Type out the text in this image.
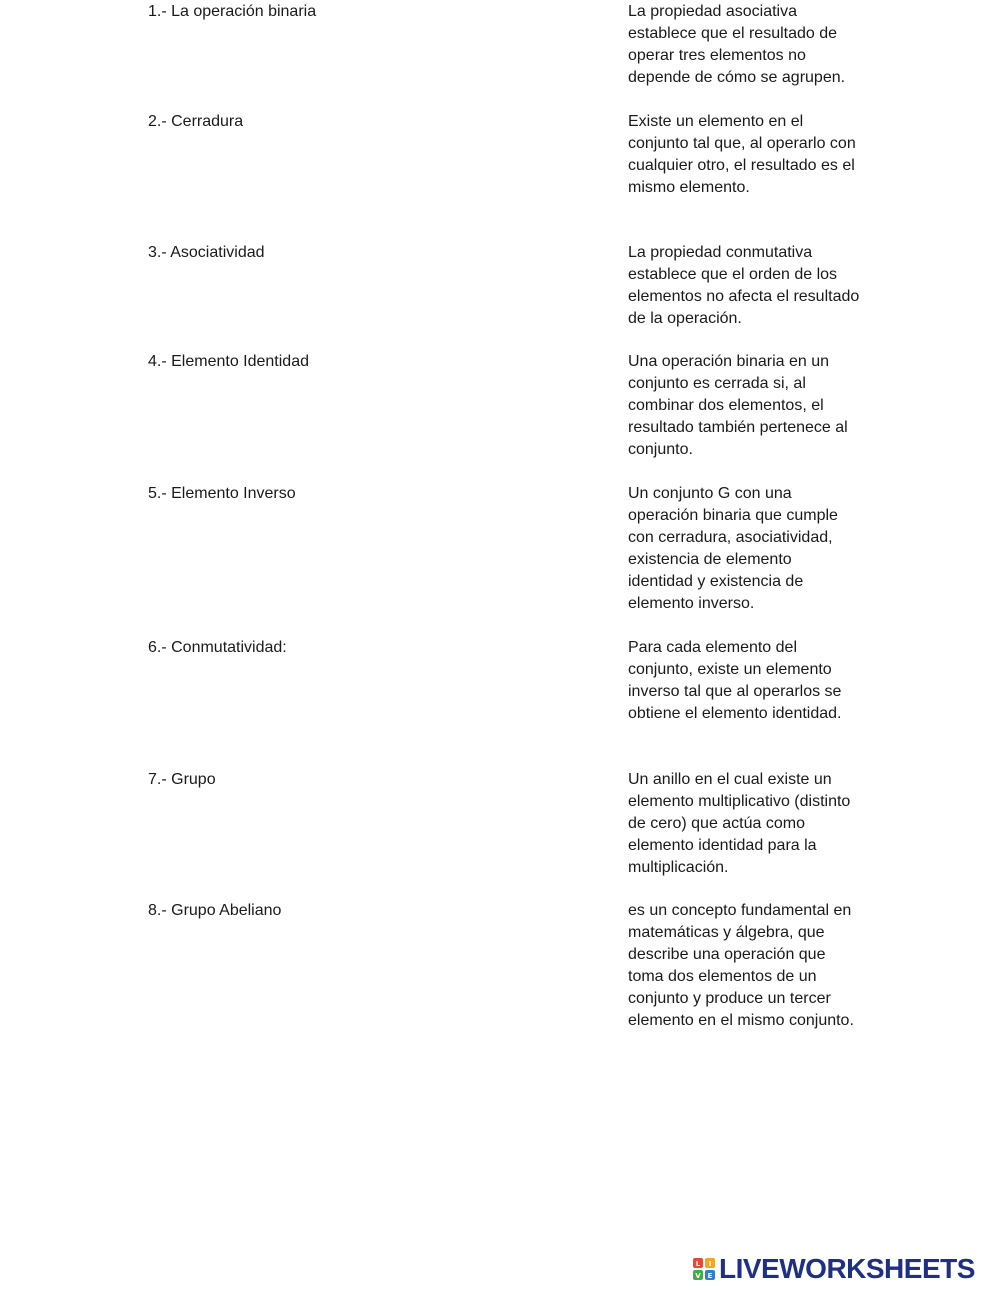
1.- La operación binaria	La propiedad asociativa establece que el resultado de operar tres elementos no depende de cómo se agrupen.
2.- Cerradura	Existe un elemento en el conjunto tal que, al operarlo con cualquier otro, el resultado es el mismo elemento.
3.- Asociatividad	La propiedad conmutativa establece que el orden de los elementos no afecta el resultado de la operación.
4.- Elemento Identidad	Una operación binaria en un conjunto es cerrada si, al combinar dos elementos, el resultado también pertenece al conjunto.
5.- Elemento Inverso	Un conjunto G con una operación binaria que cumple con cerradura, asociatividad, existencia de elemento identidad y existencia de elemento inverso.
6.- Conmutatividad:	Para cada elemento del conjunto, existe un elemento inverso tal que al operarlos se obtiene el elemento identidad.
7.- Grupo	Un anillo en el cual existe un elemento multiplicativo (distinto de cero) que actúa como elemento identidad para la multiplicación.
8.- Grupo Abeliano	es un concepto fundamental en matemáticas y álgebra, que describe una operación que toma dos elementos de un conjunto y produce un tercer elemento en el mismo conjunto.
L I
V E LIVEWORKSHEETS
